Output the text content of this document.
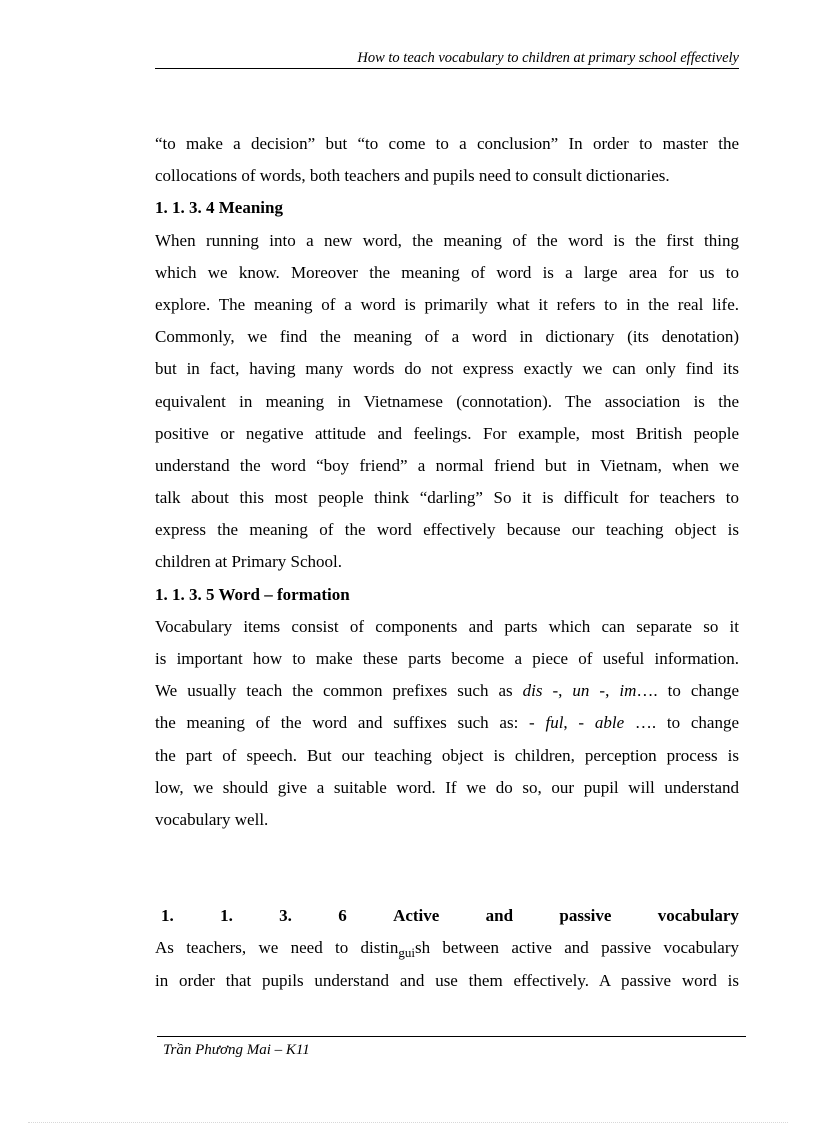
How to teach vocabulary to children at primary school effectively
“to make a decision” but “to come to a conclusion” In order to master the
collocations of words, both teachers and pupils need to consult dictionaries.
1. 1. 3. 4 Meaning
When running into a new word, the meaning of the word is the first thing
which we know. Moreover the meaning of word is a large area for us to
explore. The meaning of a word is primarily what it refers to in the real life.
Commonly, we find the meaning of a word in dictionary (its denotation)
but in fact, having many words do not express exactly we can only find its
equivalent in meaning in Vietnamese (connotation). The association is the
positive or negative attitude and feelings. For example, most British people
understand the word “boy friend” a normal friend but in Vietnam, when we
talk about this most people think “darling” So it is difficult for teachers to
express the meaning of the word effectively because our teaching object is
children at Primary School.
1. 1. 3. 5 Word – formation
Vocabulary items consist of components and parts which can separate so it
is important how to make these parts become a piece of useful information.
We usually teach the common prefixes such as dis -, un -, im…. to change
the meaning of the word and suffixes such as: - ful, - able …. to change
the part of speech. But our teaching object is children, perception process is
low, we should give a suitable word. If we do so, our pupil will understand
vocabulary well.
1.	1.	3.	6	Active	and	passive	vocabulary
As teachers, we need to distin$_{gui}$sh between active and passive vocabulary
in order that pupils understand and use them effectively. A passive word is
Trần Phương Mai – K11
